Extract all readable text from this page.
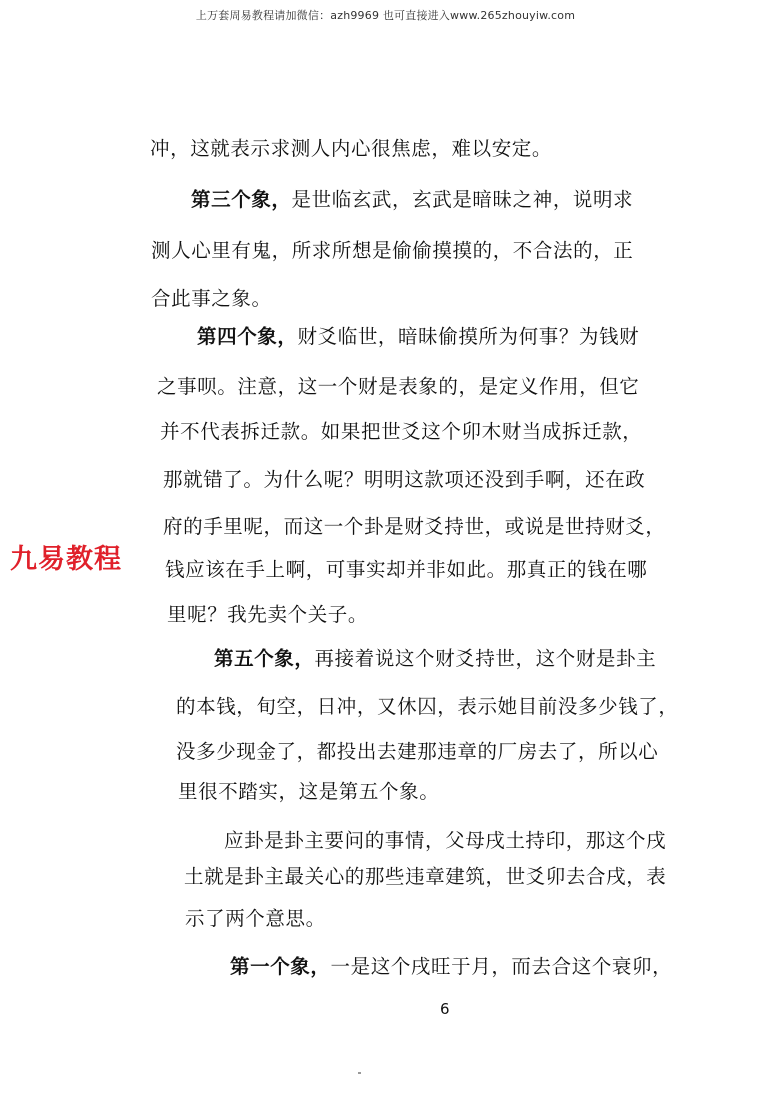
上万套周易教程请加微信：azh9969 也可直接进入www.265zhouyiw.com
冲，这就表示求测人内心很焦虑，难以安定。
第三个象，是世临玄武，玄武是暗昧之神，说明求
测人心里有鬼，所求所想是偷偷摸摸的，不合法的，正
合此事之象。
第四个象，财爻临世，暗昧偷摸所为何事？为钱财
之事呗。注意，这一个财是表象的，是定义作用，但它
并不代表拆迁款。如果把世爻这个卯木财当成拆迁款，
那就错了。为什么呢？明明这款项还没到手啊，还在政
府的手里呢，而这一个卦是财爻持世，或说是世持财爻，
钱应该在手上啊，可事实却并非如此。那真正的钱在哪
里呢？我先卖个关子。
第五个象，再接着说这个财爻持世，这个财是卦主
的本钱，旬空，日冲，又休囚，表示她目前没多少钱了，
没多少现金了，都投出去建那违章的厂房去了，所以心
里很不踏实，这是第五个象。
应卦是卦主要问的事情，父母戌土持印，那这个戌
土就是卦主最关心的那些违章建筑，世爻卯去合戌，表
示了两个意思。
第一个象，一是这个戌旺于月，而去合这个衰卯，
九易教程
6
